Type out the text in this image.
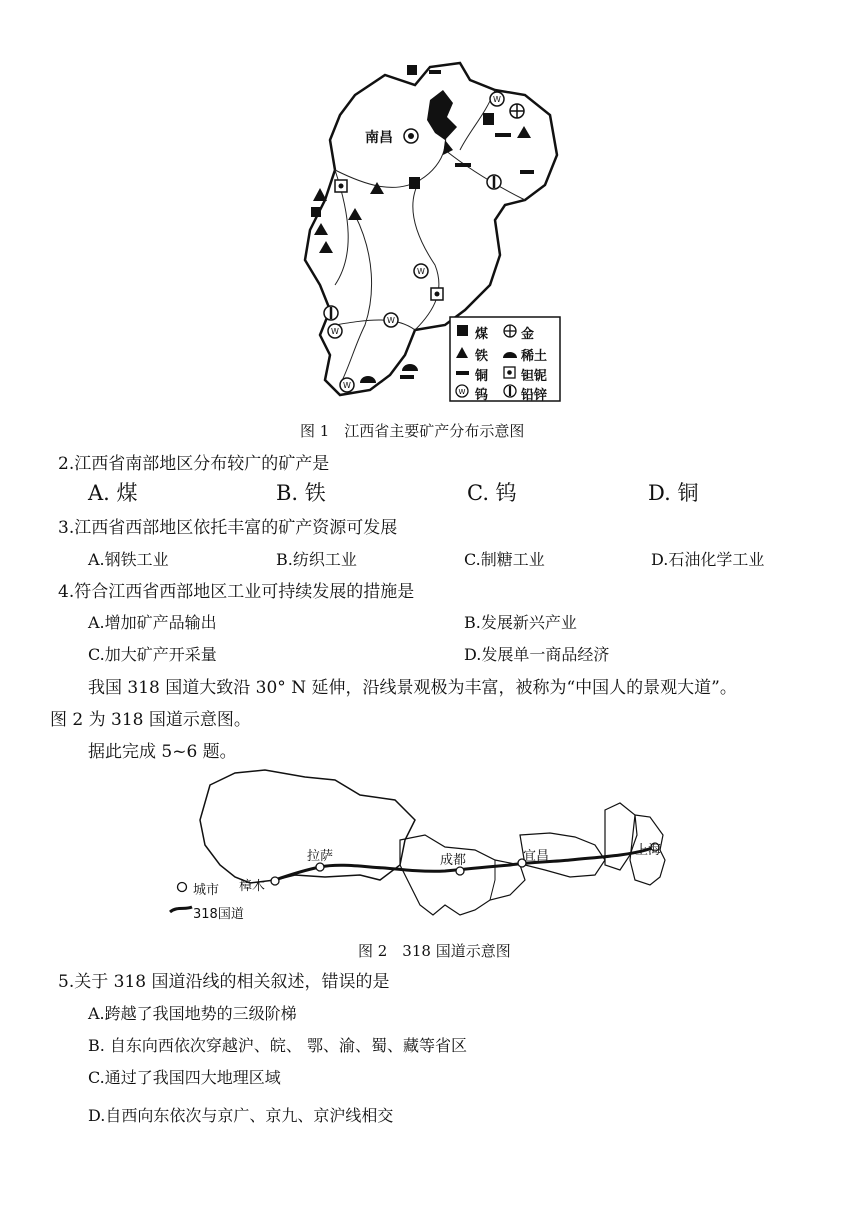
W
W
W
W
W
W
南昌
煤	金
铁	稀土
铜	钽铌
钨	铅锌
图 1　江西省主要矿产分布示意图
2.江西省南部地区分布较广的矿产是
A. 煤	B. 铁	C. 钨	D. 铜
3.江西省西部地区依托丰富的矿产资源可发展
A.钢铁工业	B.纺织工业	C.制糖工业	D.石油化学工业
4.符合江西省西部地区工业可持续发展的措施是
A.增加矿产品输出	B.发展新兴产业
C.加大矿产开采量	D.发展单一商品经济
我国 318 国道大致沿 30° N 延伸，沿线景观极为丰富，被称为“中国人的景观大道”。
图 2 为 318 国道示意图。
据此完成 5~6 题。
拉萨	成都	宜昌	上海
樟木
城市
318国道
图 2　318 国道示意图
5.关于 318 国道沿线的相关叙述，错误的是
A.跨越了我国地势的三级阶梯
B. 自东向西依次穿越沪、皖、 鄂、渝、蜀、藏等省区
C.通过了我国四大地理区域
D.自西向东依次与京广、京九、京沪线相交
